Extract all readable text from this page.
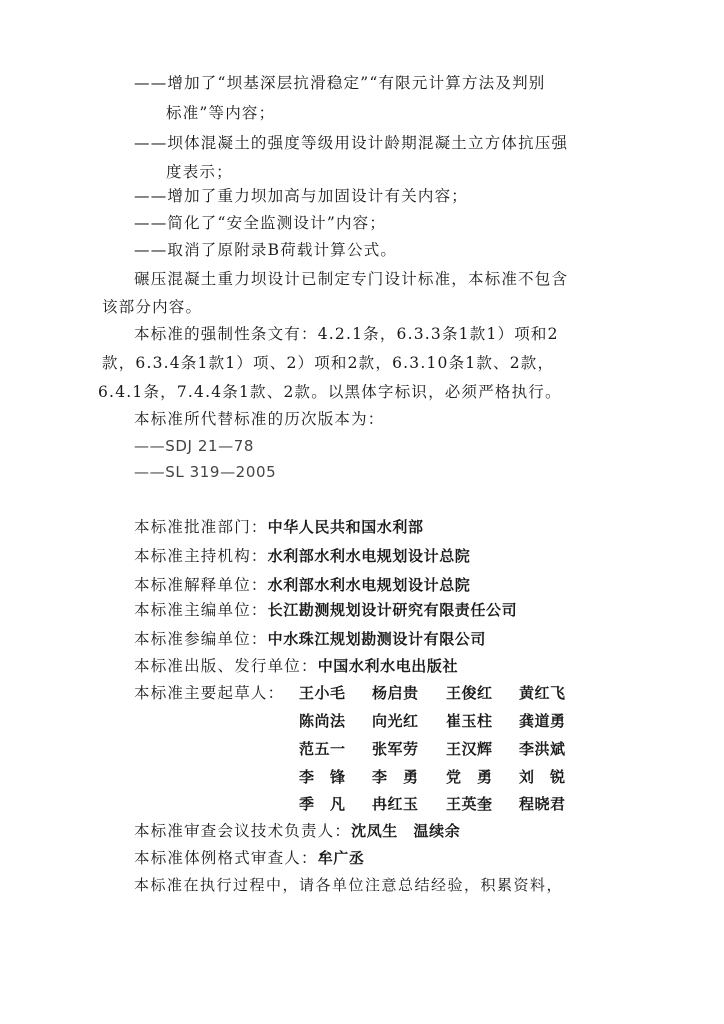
——增加了“坝基深层抗滑稳定”“有限元计算方法及判别
标准”等内容；
——坝体混凝土的强度等级用设计龄期混凝土立方体抗压强
度表示；
——增加了重力坝加高与加固设计有关内容；
——简化了“安全监测设计”内容；
——取消了原附录B荷载计算公式。
碾压混凝土重力坝设计已制定专门设计标准，本标准不包含
该部分内容。
本标准的强制性条文有：4.2.1条，6.3.3条1款1）项和2
款，6.3.4条1款1）项、2）项和2款，6.3.10条1款、2款，
6.4.1条，7.4.4条1款、2款。以黑体字标识，必须严格执行。
本标准所代替标准的历次版本为：
——SDJ 21—78
——SL 319—2005
本标准批准部门：中华人民共和国水利部
本标准主持机构：水利部水利水电规划设计总院
本标准解释单位：水利部水利水电规划设计总院
本标准主编单位：长江勘测规划设计研究有限责任公司
本标准参编单位：中水珠江规划勘测设计有限公司
本标准出版、发行单位：中国水利水电出版社
本标准主要起草人： 王小毛 杨启贵 王俊红 黄红飞
陈尚法 向光红 崔玉柱 龚道勇
范五一 张军劳 王汉辉 李洪斌
李　锋 李　勇 党　勇 刘　锐
季　凡 冉红玉 王英奎 程晓君
本标准审查会议技术负责人：沈凤生　温续余
本标准体例格式审查人：牟广丞
本标准在执行过程中，请各单位注意总结经验，积累资料，
